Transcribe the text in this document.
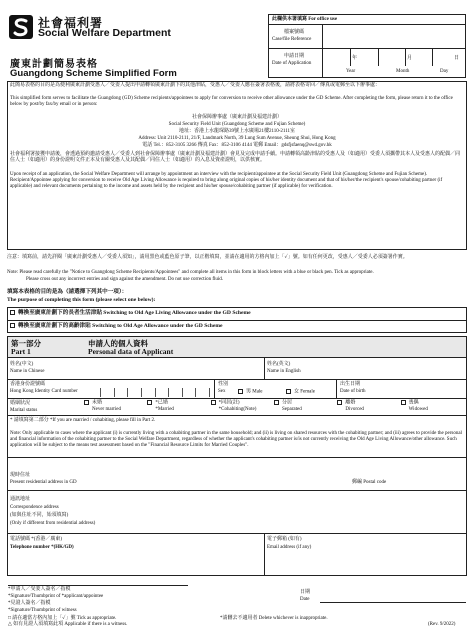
社會福利署
Social Welfare Department
廣東計劃簡易表格
Guangdong Scheme Simplified Form
此欄供本署填寫 For office use
檔案號碼
Case/file Reference
申請日期
Date of Application
年	月	日
Year	Month	Day
此簡易表格的目的是為便利廣東計劃受惠人／受委人提出申請轉領廣東計劃下的其他津貼，受惠人／受委人應在簽署表格後，請將表格寄回／傳真或電郵至以下辦事處：
This simplified form serves to facilitate the Guangdong (GD) Scheme recipients/appointees to apply for conversion to receive other allowance under the GD Scheme. After completing the form, please return it to the office below by post/by fax/by email or in person:
社會保障辦事處（廣東計劃及福建計劃）
Social Security Field Unit (Guangdong Scheme and Fujian Scheme)
地址：香港上水龍琛路39號上水廣場21樓2110-2111室
Address: Unit 2110-2111, 21/F, Landmark North, 39 Lung Sum Avenue, Sheung Shui, Hong Kong
電話 Tel.：852-3105 3266 傳真 Fax：852-3106 4144 電郵 Email：gdsfjsfaenq@swd.gov.hk
社會福利署接獲申請後，會透過預約邀請受惠人／受委人到社會保障辦事處（廣東計劃及福建計劃）會見及完成申請手續。申請轉領高齡津貼的受惠人及（如適用）受委人須攜帶其本人及受惠人的配偶／同住人士（如適用）的身份證明文件正本及有關受惠人及其配偶／同住人士（如適用）的入息及資產證明，以供核實。
Upon receipt of an application, the Social Welfare Department will arrange by appointment an interview with the recipient/appointee at the Social Security Field Unit (Guangdong Scheme and Fujian Scheme). Recipient/Appointee applying for conversion to receive Old Age Living Allowance is required to bring along original copies of his/her identity document and that of his/her/the recipient's spouse/cohabiting partner (if applicable) and relevant documents pertaining to the income and assets held by the recipient and his/her spouse/cohabiting partner (if applicable) for verification.
注意：填寫前，請先詳閱「廣東計劃受惠人／受委人須知」，請用黑色或藍色原子筆，以正楷填寫，並請在適用的方格內加上「✓」號。如有任何更改，受惠人／受委人必須簽署作實。
Note: Please read carefully the "Notice to Guangdong Scheme Recipients/Appointees" and complete all items in this form in block letters with a blue or black pen. Tick as appropriate.
Please cross out any incorrect entries and sign against the amendment. Do not use correction fluid.
填寫本表格的目的是為（請選擇下列其中一項）：
The purpose of completing this form (please select one below):
轉換至廣東計劃下的長者生活津貼 Switching to Old Age Living Allowance under the GD Scheme
轉換至廣東計劃下的高齡津貼 Switching to Old Age Allowance under the GD Scheme
第一部分
Part 1
申請人的個人資料
Personal data of Applicant
姓名(中文)
Name in Chinese
姓名(英文)
Name in English
香港身份證號碼
Hong Kong Identity Card number
性別
Sex	男 Male	女 Female
出生日期
Date of birth
婚姻狀況
Marital status
未婚
Never married
*已婚
*Married
*同居(註)
*Cohabiting(Note)
分居
Separated
離婚
Divorced
喪偶
Widowed
* 請填寫第二部分 *If you are married / cohabiting, please fill in Part 2.
Note: Only applicable to cases where the applicant (i) is currently living with a cohabiting partner in the same household; and (ii) is living on shared resources with the cohabiting partner; and (iii) agrees to provide the personal and financial information of the cohabiting partner to the Social Welfare Department, regardless of whether the applicant's cohabiting partner is/is not currently receiving the Old Age Living Allowance/other allowance. Such application will be subject to the means test assessment based on the "Financial Resource Limits for Married Couples".
現時住址
Present residential address in GD	郵編 Postal code
通訊地址
Correspondence address
(如與住址不同，始須填寫)
(Only if different from residential address)
電話號碼 *(香港／廣東)
Telephone number *(HK/GD)
電子郵箱 (如有)
Email address (if any)
*申請人／受委人簽名／指模
*Signature/Thumbprint of *applicant/appointee
*見證人簽名／指模
*Signature/Thumbprint of witness
日期
Date
□ 請在適當方格內加上「✓」號 Tick as appropriate.	*請刪去不適用者 Delete whichever is inappropriate.
△ 如有見證人須填寫此項 Applicable if there is a witness.	(Rev. 9/2022)
